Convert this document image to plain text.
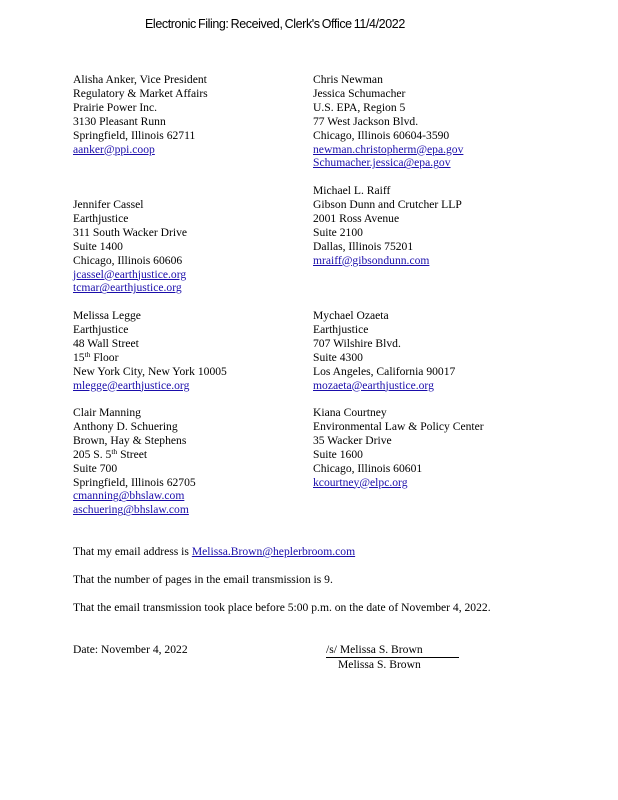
Electronic Filing: Received, Clerk's Office 11/4/2022
Alisha Anker, Vice President
Regulatory & Market Affairs
Prairie Power Inc.
3130 Pleasant Runn
Springfield, Illinois 62711
aanker@ppi.coop
Chris Newman
Jessica Schumacher
U.S. EPA, Region 5
77 West Jackson Blvd.
Chicago, Illinois 60604-3590
newman.christopherm@epa.gov
Schumacher.jessica@epa.gov
Jennifer Cassel
Earthjustice
311 South Wacker Drive
Suite 1400
Chicago, Illinois 60606
jcassel@earthjustice.org
tcmar@earthjustice.org
Michael L. Raiff
Gibson Dunn and Crutcher LLP
2001 Ross Avenue
Suite 2100
Dallas, Illinois 75201
mraiff@gibsondunn.com
Melissa Legge
Earthjustice
48 Wall Street
15th Floor
New York City, New York 10005
mlegge@earthjustice.org
Mychael Ozaeta
Earthjustice
707 Wilshire Blvd.
Suite 4300
Los Angeles, California 90017
mozaeta@earthjustice.org
Clair Manning
Anthony D. Schuering
Brown, Hay & Stephens
205 S. 5th Street
Suite 700
Springfield, Illinois 62705
cmanning@bhslaw.com
aschuering@bhslaw.com
Kiana Courtney
Environmental Law & Policy Center
35 Wacker Drive
Suite 1600
Chicago, Illinois 60601
kcourtney@elpc.org
That my email address is Melissa.Brown@heplerbroom.com
That the number of pages in the email transmission is 9.
That the email transmission took place before 5:00 p.m. on the date of November 4, 2022.
Date: November 4, 2022	/s/ Melissa S. Brown
Melissa S. Brown
